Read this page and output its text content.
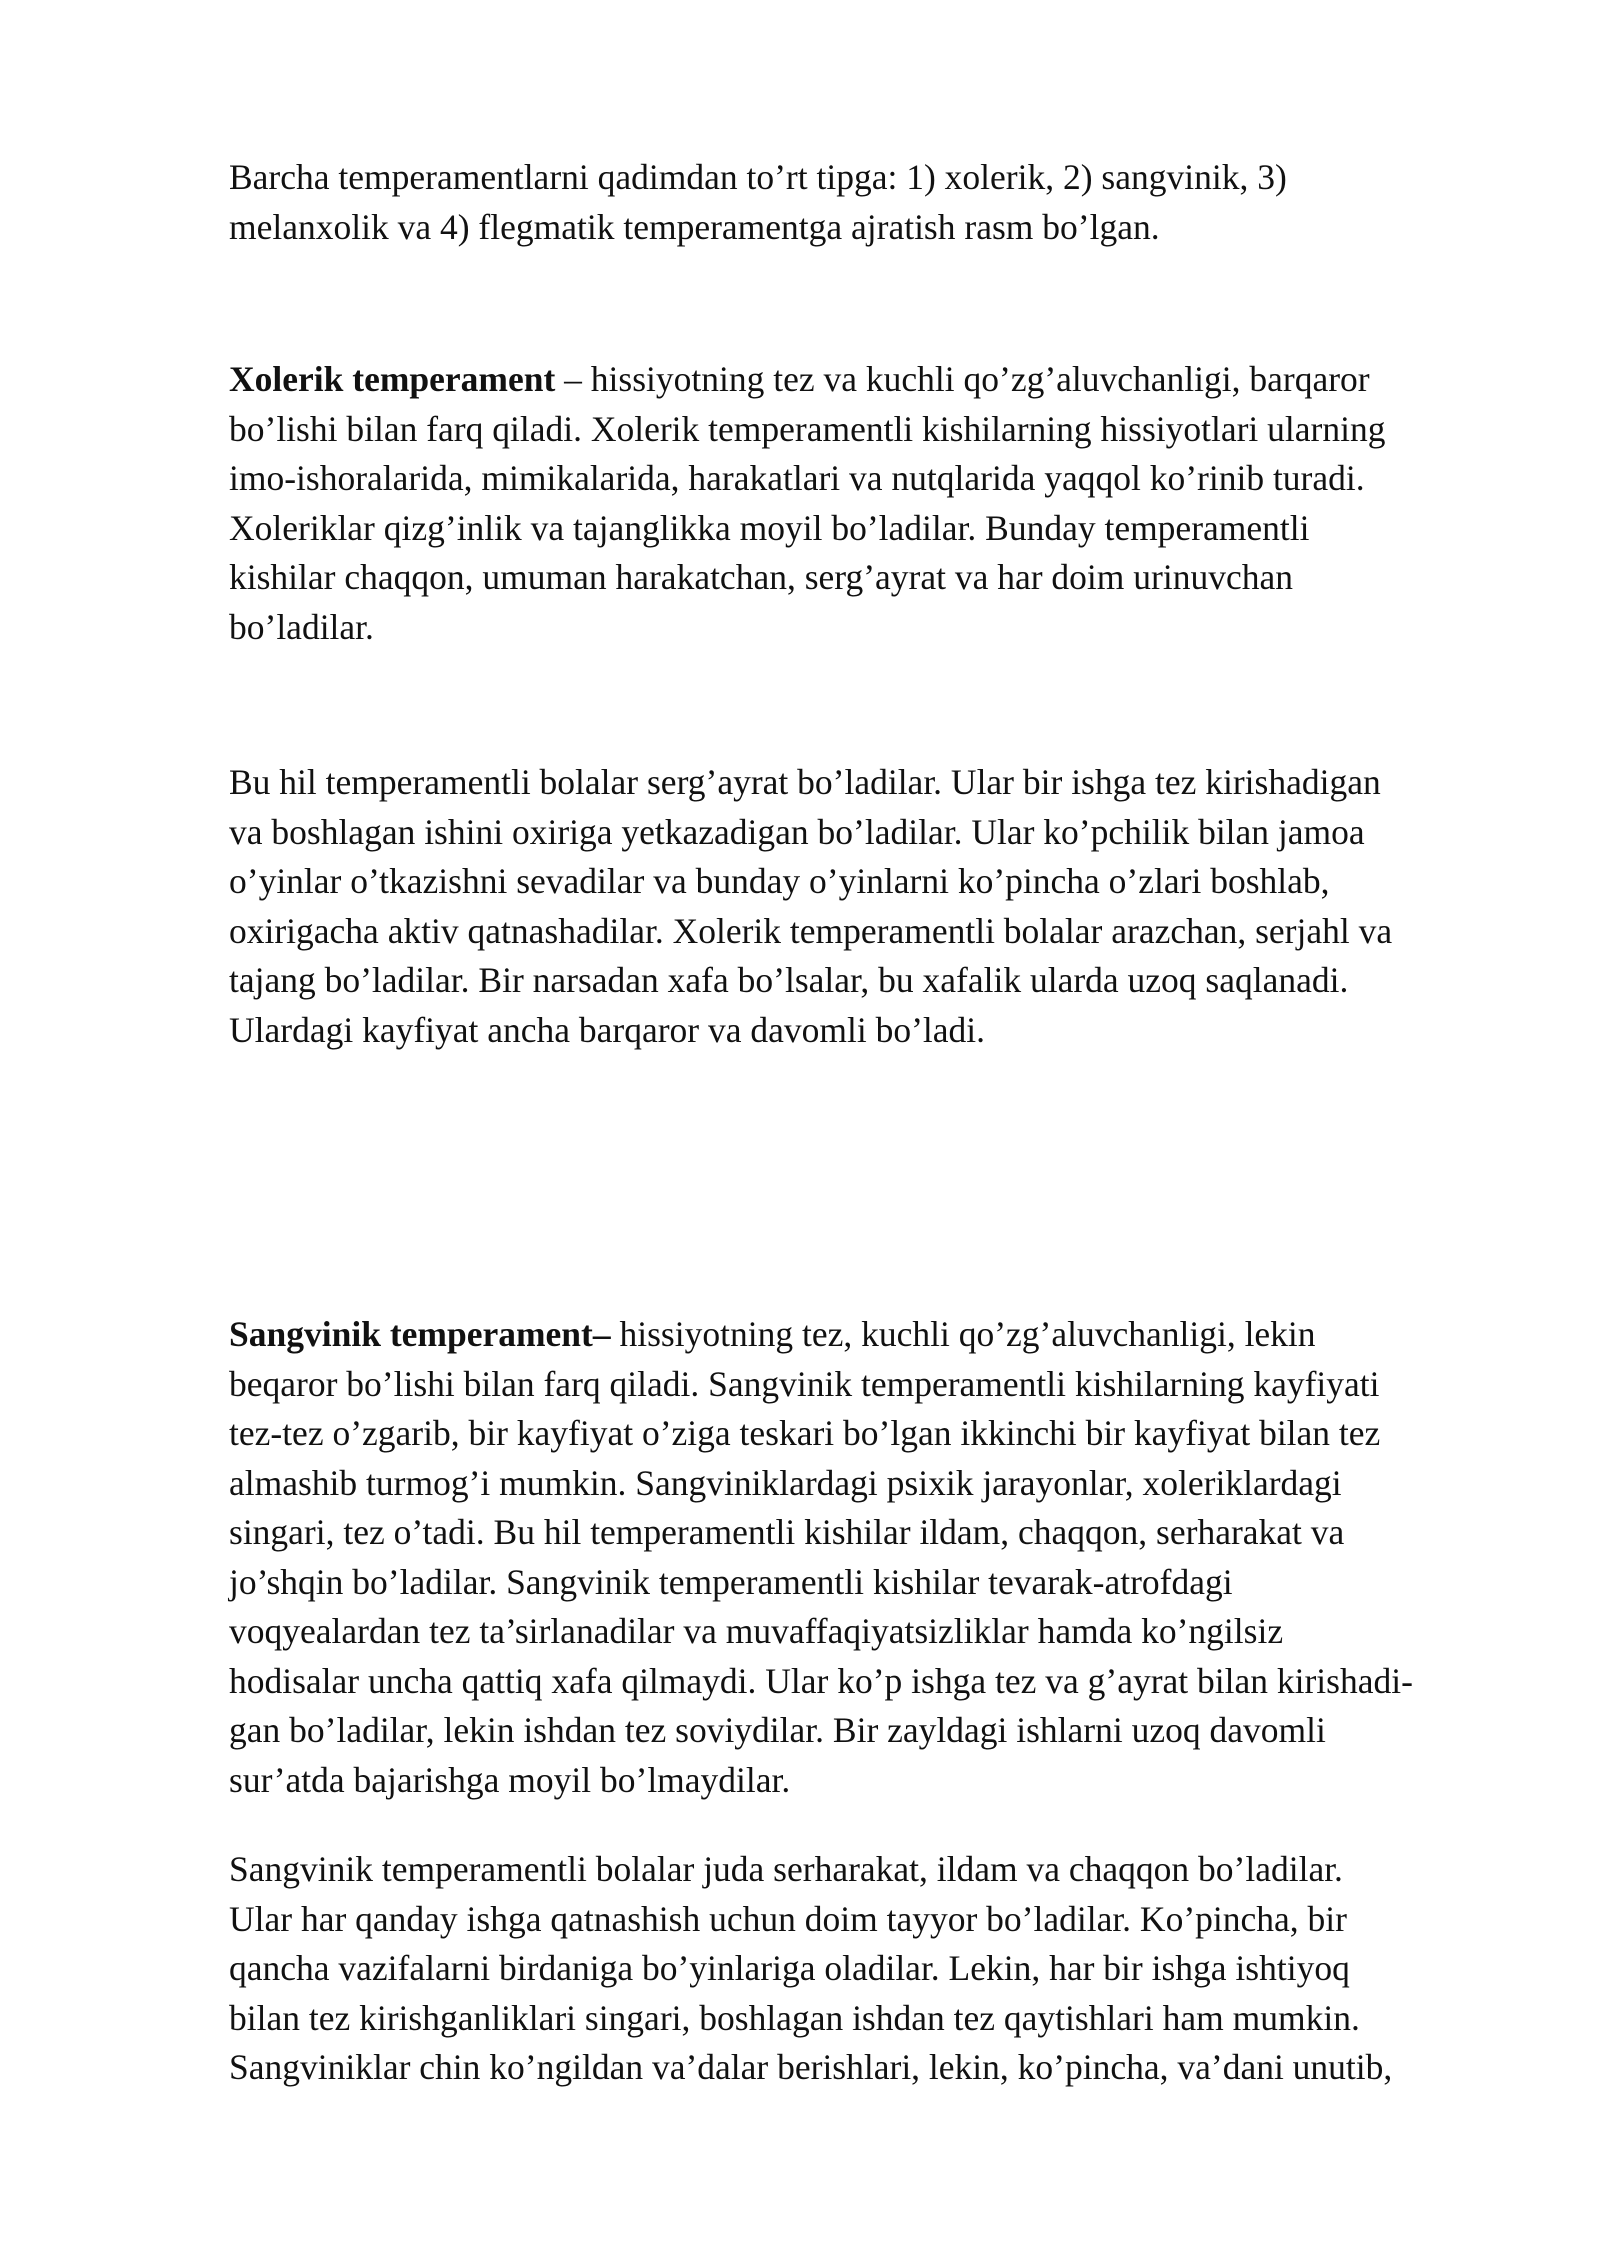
Barcha temperamentlarni qadimdan to’rt tipga: 1) xolerik, 2) sangvinik, 3)
melanxolik va 4) flegmatik temperamentga ajratish rasm bo’lgan.

Xolerik temperament – hissiyotning tez va kuchli qo’zg’aluvchanligi, barqaror
bo’lishi bilan farq qiladi. Xolerik temperamentli kishilarning hissiyotlari ularning
imo-ishoralarida, mimikalarida, harakatlari va nutqlarida yaqqol ko’rinib turadi.
Xoleriklar qizg’inlik va tajanglikka moyil bo’ladilar. Bunday temperamentli
kishilar chaqqon, umuman harakatchan, serg’ayrat va har doim urinuvchan
bo’ladilar.

Bu hil temperamentli bolalar serg’ayrat bo’ladilar. Ular bir ishga tez kirishadigan
va boshlagan ishini oxiriga yetkazadigan bo’ladilar. Ular ko’pchilik bilan jamoa
o’yinlar o’tkazishni sevadilar va bunday o’yinlarni ko’pincha o’zlari boshlab,
oxirigacha aktiv qatnashadilar. Xolerik temperamentli bolalar arazchan, serjahl va
tajang bo’ladilar. Bir narsadan xafa bo’lsalar, bu xafalik ularda uzoq saqlanadi.
Ulardagi kayfiyat ancha barqaror va davomli bo’ladi.

Sangvinik temperament– hissiyotning tez, kuchli qo’zg’aluvchanligi, lekin
beqaror bo’lishi bilan farq qiladi. Sangvinik temperamentli kishilarning kayfiyati
tez-tez o’zgarib, bir kayfiyat o’ziga teskari bo’lgan ikkinchi bir kayfiyat bilan tez
almashib turmog’i mumkin. Sangviniklardagi psixik jarayonlar, xoleriklardagi
singari, tez o’tadi. Bu hil temperamentli kishilar ildam, chaqqon, serharakat va
jo’shqin bo’ladilar. Sangvinik temperamentli kishilar tevarak-atrofdagi
voqyealardan tez ta’sirlanadilar va muvaffaqiyatsizliklar hamda ko’ngilsiz
hodisalar uncha qattiq xafa qilmaydi. Ular ko’p ishga tez va g’ayrat bilan kirishadi-
gan bo’ladilar, lekin ishdan tez soviydilar. Bir zayldagi ishlarni uzoq davomli
sur’atda bajarishga moyil bo’lmaydilar.

Sangvinik temperamentli bolalar juda serharakat, ildam va chaqqon bo’ladilar.
Ular har qanday ishga qatnashish uchun doim tayyor bo’ladilar. Ko’pincha, bir
qancha vazifalarni birdaniga bo’yinlariga oladilar. Lekin, har bir ishga ishtiyoq
bilan tez kirishganliklari singari, boshlagan ishdan tez qaytishlari ham mumkin.
Sangviniklar chin ko’ngildan va’dalar berishlari, lekin, ko’pincha, va’dani unutib,
